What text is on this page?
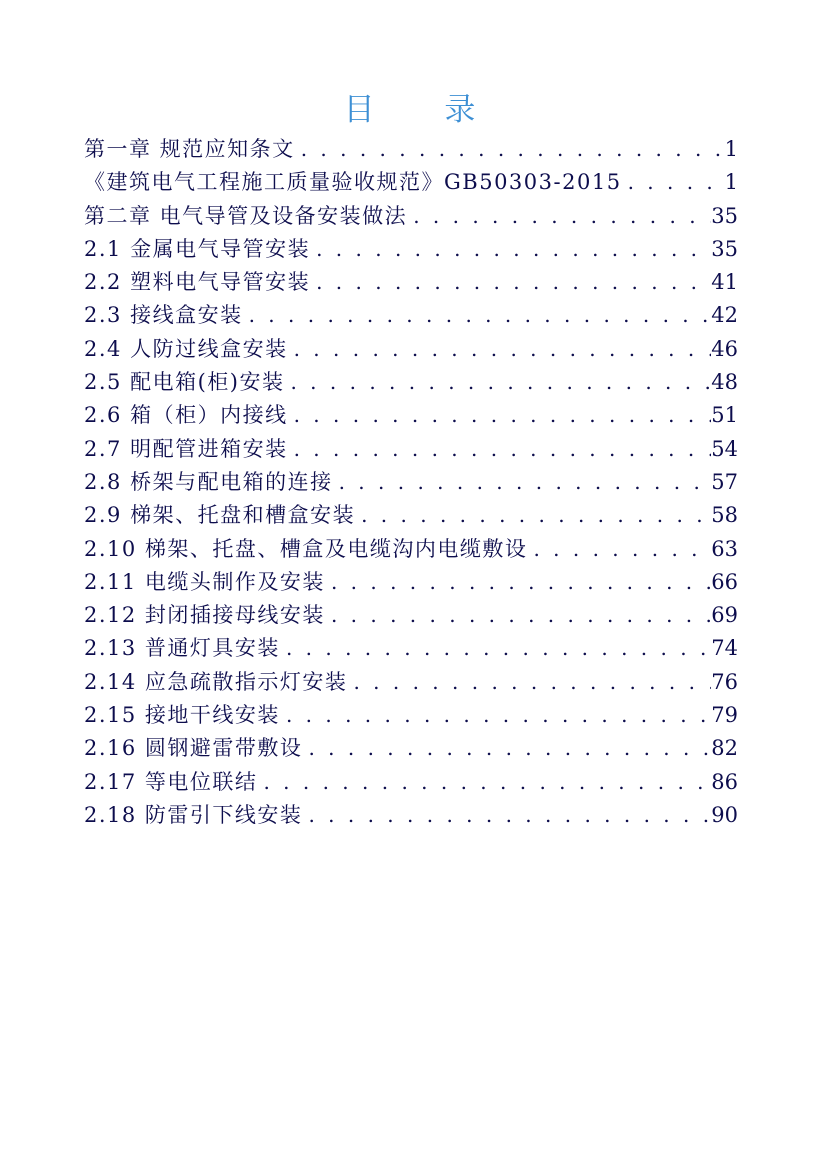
目 录
第一章 规范应知条文 . . .	1
《建筑电气工程施工质量验收规范》GB50303-2015 . . .	1
第二章 电气导管及设备安装做法 . . .	35
2.1 金属电气导管安装 . . .	35
2.2 塑料电气导管安装 . . .	41
2.3 接线盒安装 . . .	42
2.4 人防过线盒安装 . . .	46
2.5 配电箱(柜)安装 . . .	48
2.6 箱（柜）内接线 . . .	51
2.7 明配管进箱安装 . . .	54
2.8 桥架与配电箱的连接 . . .	57
2.9 梯架、托盘和槽盒安装 . . .	58
2.10 梯架、托盘、槽盒及电缆沟内电缆敷设 . . .	63
2.11 电缆头制作及安装 . . .	66
2.12 封闭插接母线安装 . . .	69
2.13 普通灯具安装 . . .	74
2.14 应急疏散指示灯安装 . . .	76
2.15 接地干线安装 . . .	79
2.16 圆钢避雷带敷设 . . .	82
2.17 等电位联结 . . .	86
2.18 防雷引下线安装 . . .	90
